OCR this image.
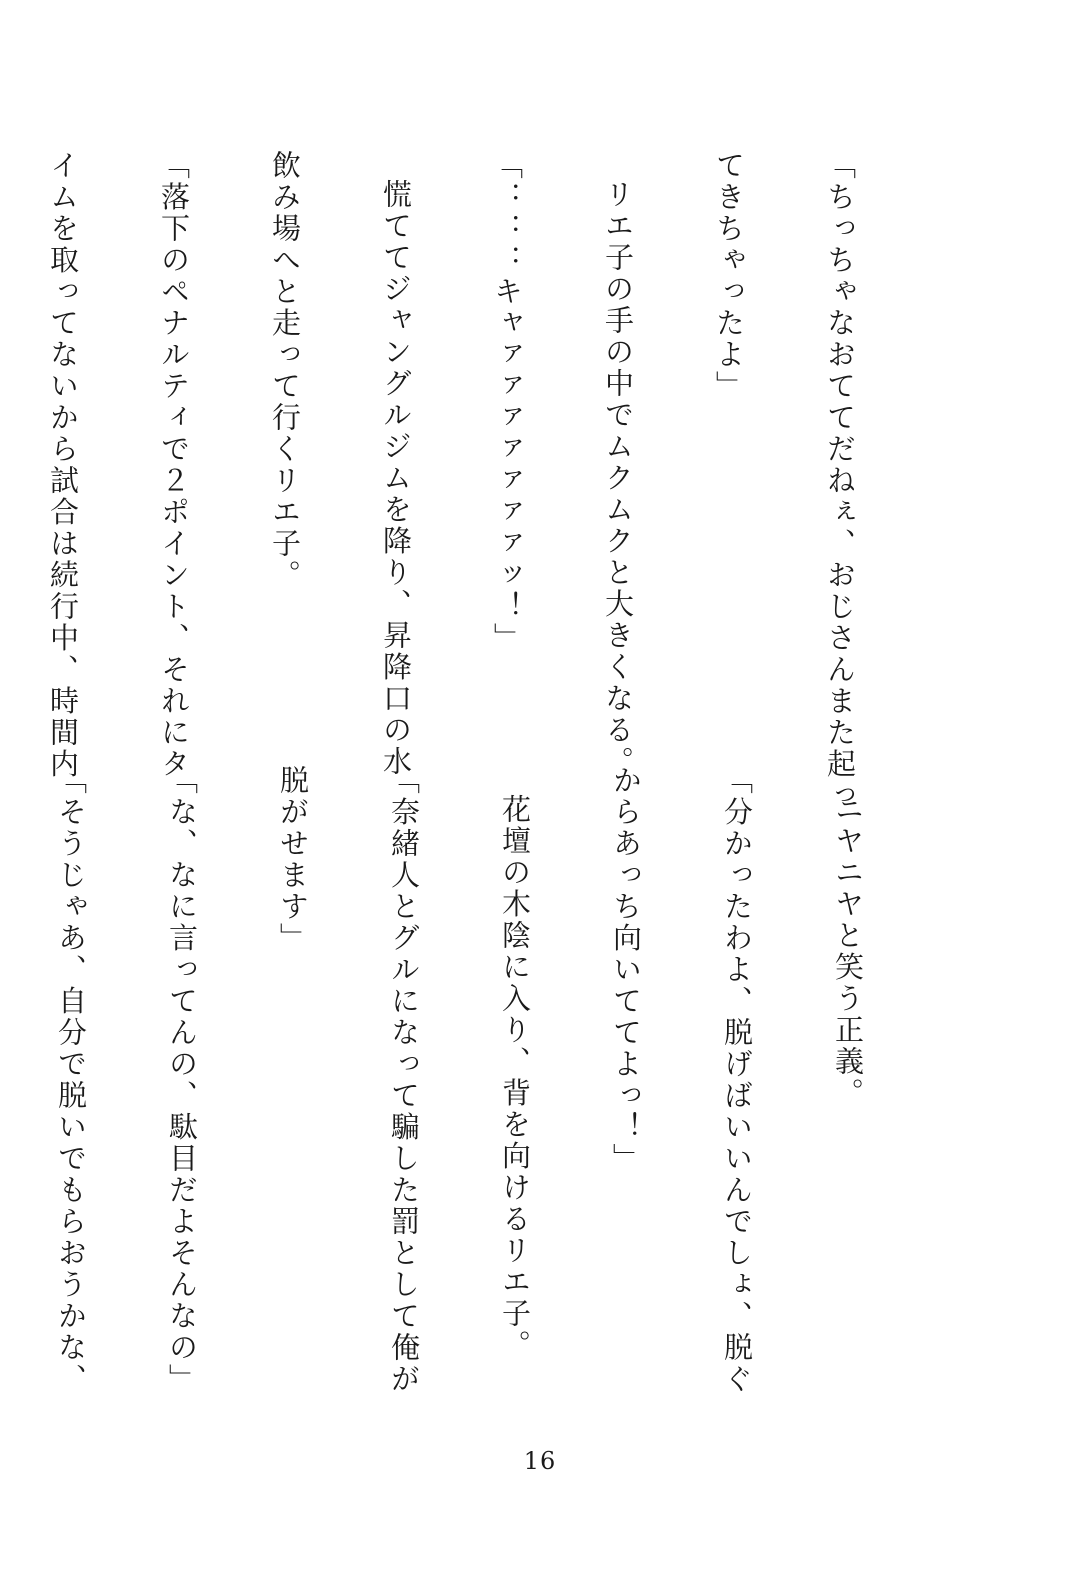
「ちっちゃなおててだねぇ、おじさんまた起っ

てきちゃったよ」

リエ子の手の中でムクムクと大きくなる。

「：：：キャァァァァァァァッ！」

慌ててジャングルジムを降り、昇降口の水

飲み場へと走って行くリエ子。

「落下のペナルティで２ポイント、それにタ

イムを取ってないから試合は続行中、時間内

ニヤニヤと笑う正義。

「分かったわよ、脱げばいいんでしょ、脱ぐ

からあっち向いててよっ！」

花壇の木陰に入り、背を向けるリエ子。

「奈緒人とグルになって騙した罰として俺が

脱がせます」

「な、なに言ってんの、駄目だよそんなの」

「そうじゃあ、自分で脱いでもらおうかな、

16
